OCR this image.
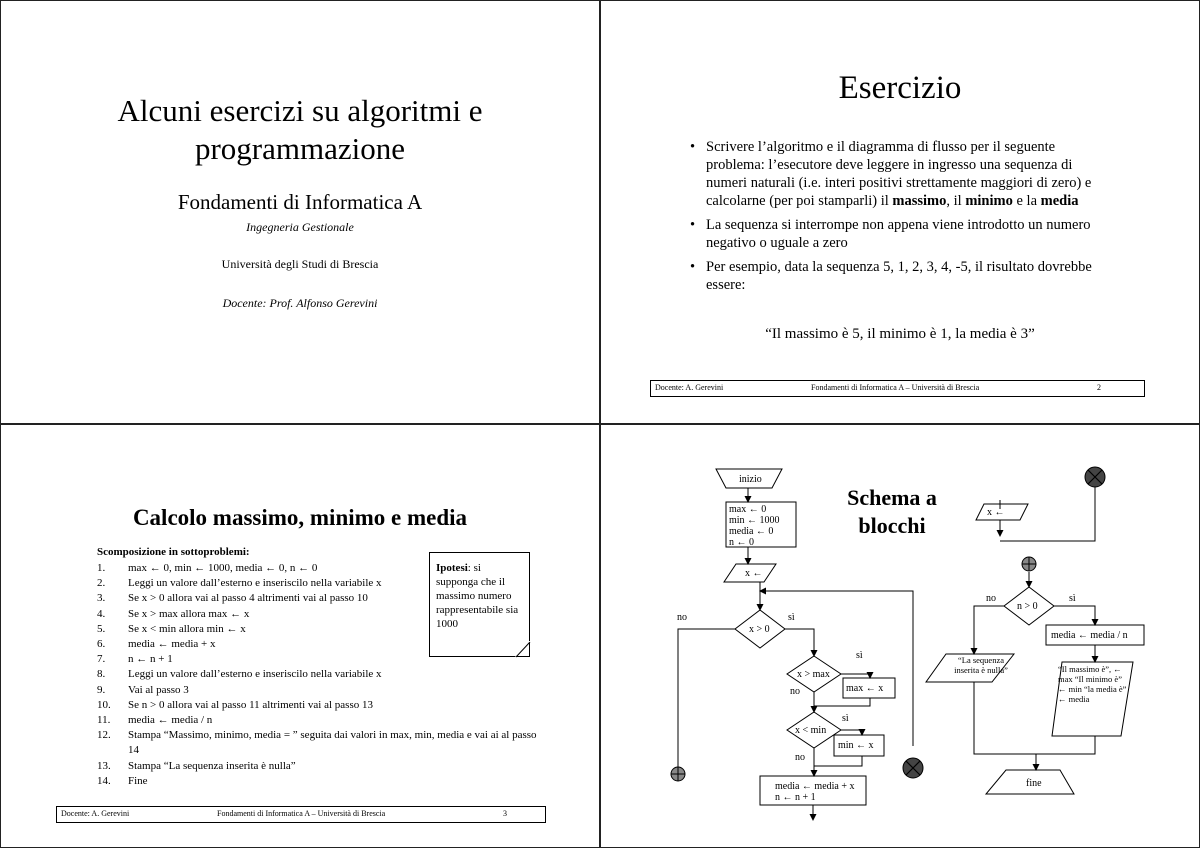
Alcuni esercizi su algoritmi e
programmazione
Fondamenti di Informatica A
Ingegneria Gestionale
Università degli Studi di Brescia
Docente: Prof. Alfonso Gerevini
Esercizio
• Scrivere l’algoritmo e il diagramma di flusso per il seguente problema: l’esecutore deve leggere in ingresso una sequenza di numeri naturali (i.e. interi positivi strettamente maggiori di zero) e calcolarne (per poi stamparli) il massimo, il minimo e la media
• La sequenza si interrompe non appena viene introdotto un numero negativo o uguale a zero
• Per esempio, data la sequenza 5, 1, 2, 3, 4, -5, il risultato dovrebbe essere:
“Il massimo è 5, il minimo è 1, la media è 3”
Docente: A. Gerevini	Fondamenti di Informatica A – Università di Brescia	2
Calcolo massimo, minimo e media
Scomposizione in sottoproblemi:
1. max ← 0, min ← 1000, media ← 0, n ← 0
2. Leggi un valore dall’esterno e inseriscilo nella variabile x
3. Se x > 0 allora vai al passo 4 altrimenti vai al passo 10
4. Se x > max allora max ← x
5. Se x < min allora min ← x
6. media ← media + x
7. n ← n + 1
8. Leggi un valore dall’esterno e inseriscilo nella variabile x
9. Vai al passo 3
10. Se n > 0 allora vai al passo 11 altrimenti vai al passo 13
11. media ← media / n
12. Stampa “Massimo, minimo, media = ” seguita dai valori in max, min, media e vai ai al passo 14
13. Stampa “La sequenza inserita è nulla”
14. Fine
Ipotesi: si supponga che il massimo numero rappresentabile sia 1000
Docente: A. Gerevini	Fondamenti di Informatica A – Università di Brescia	3
Schema a
blocchi
inizio
max ← 0
min ← 1000
media ← 0
n ← 0
x ←
x > 0
no	sì
x > max
sì
max ← x
no
x < min
sì
min ← x
no
media ← media + x
n ← n + 1
x ←
n > 0
no	sì
media ← media / n
“La sequenza inserita è nulla”	“Il massimo è”, ← max “Il minimo è” ← min “la media è” ← media
fine
